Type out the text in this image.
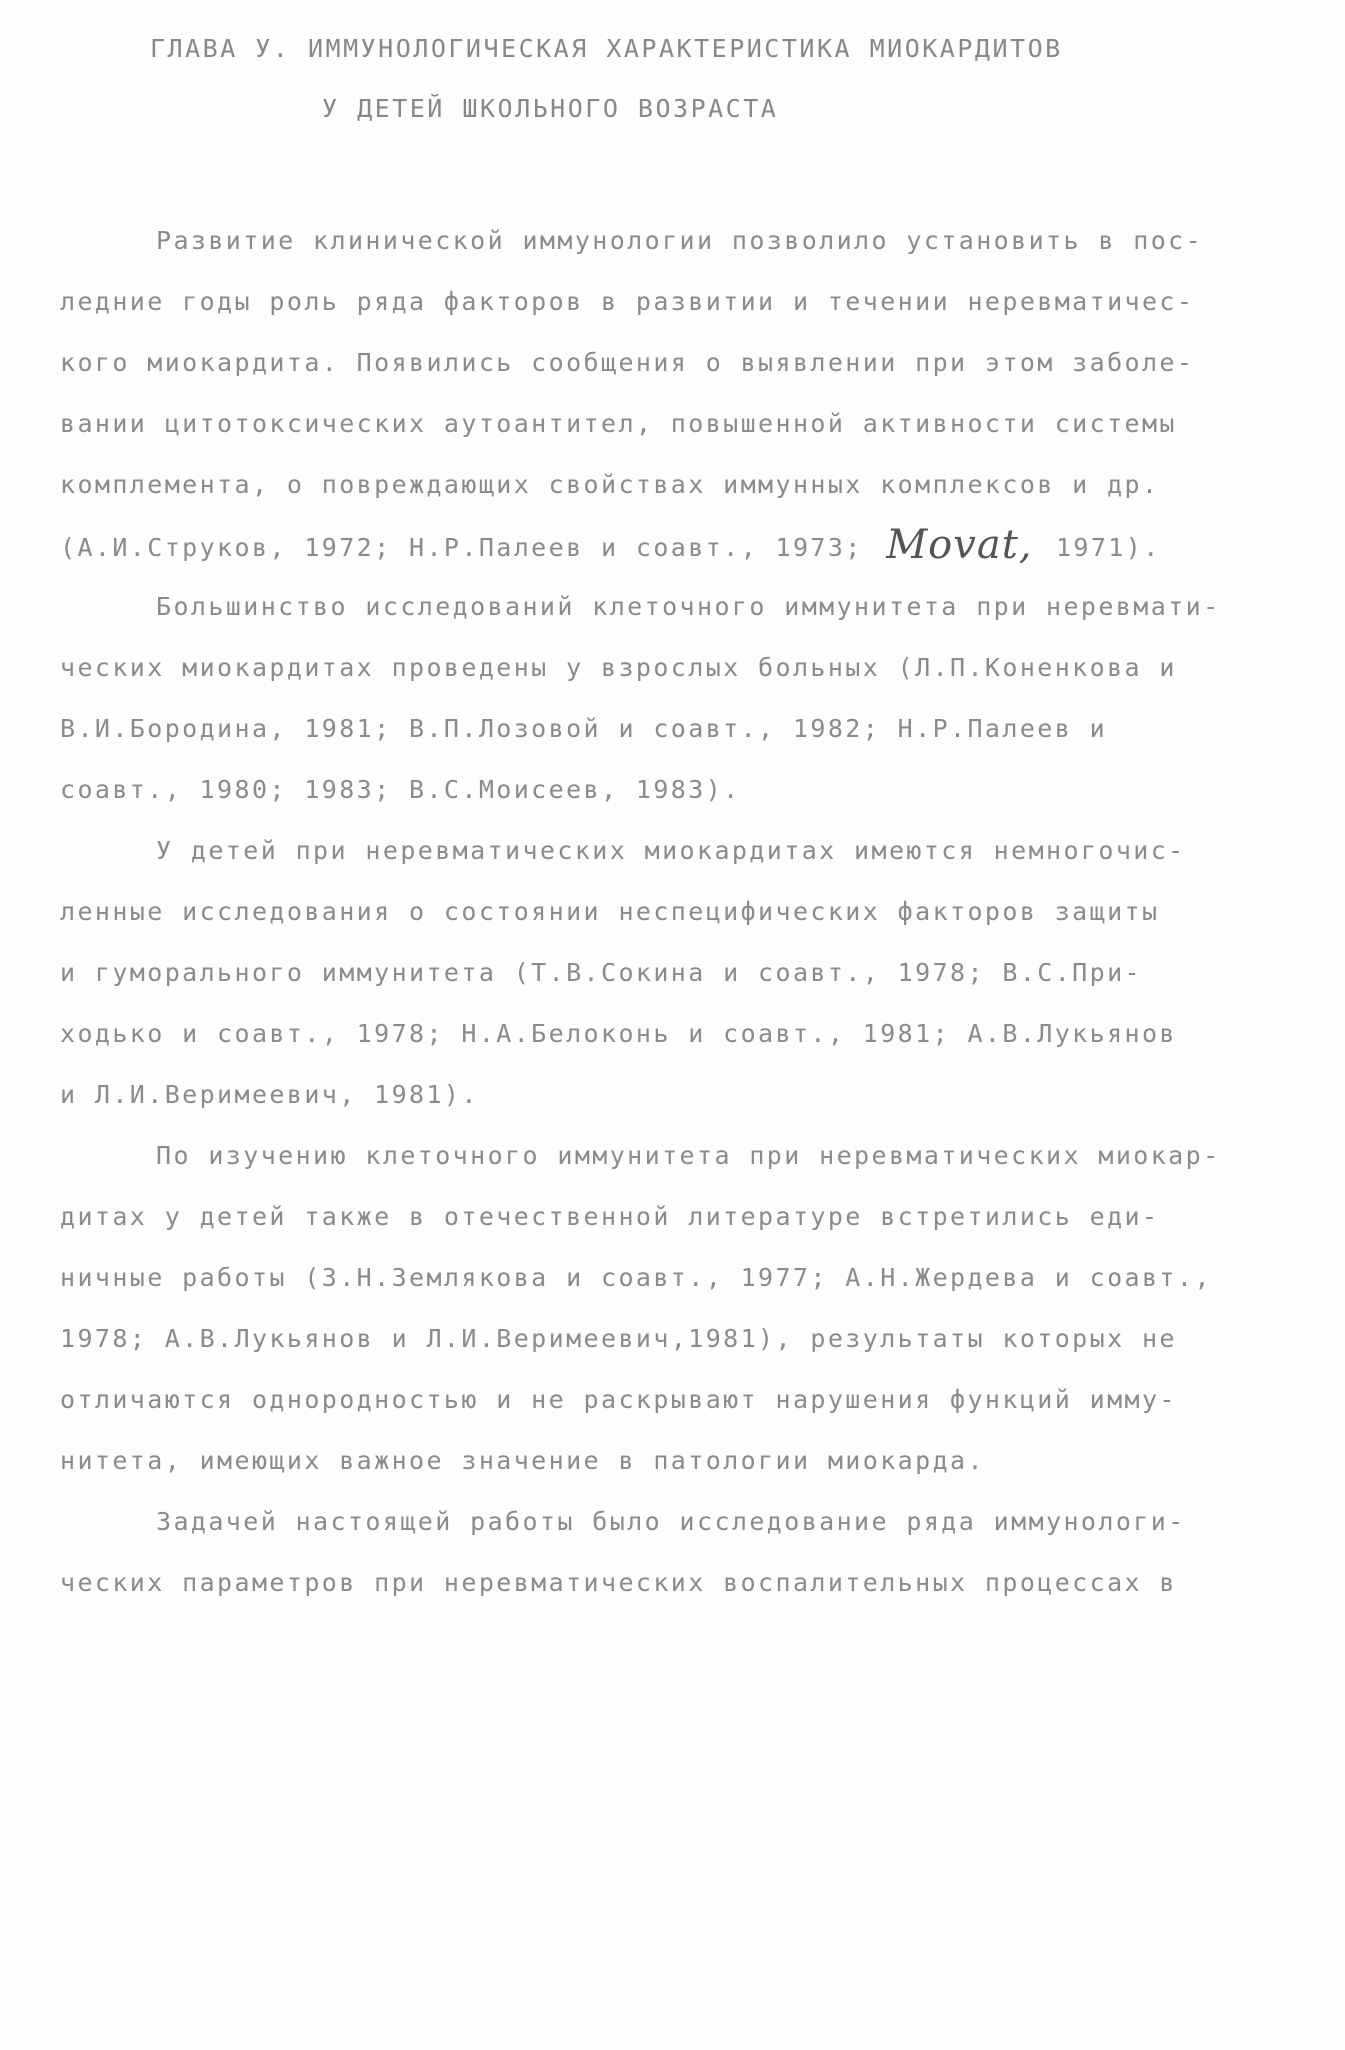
ГЛАВА У. ИММУНОЛОГИЧЕСКАЯ ХАРАКТЕРИСТИКА МИОКАРДИТОВ
У ДЕТЕЙ ШКОЛЬНОГО ВОЗРАСТА
Развитие клинической иммунологии позволило установить в пос-
ледние годы роль ряда факторов в развитии и течении неревматичес-
кого миокардита. Появились сообщения о выявлении при этом заболе-
вании цитотоксических аутоантител, повышенной активности системы
комплемента, о повреждающих свойствах иммунных комплексов и др.
(А.И.Струков, 1972; Н.Р.Палеев и соавт., 1973; Movat, 1971).
Большинство исследований клеточного иммунитета при неревмати-
ческих миокардитах проведены у взрослых больных (Л.П.Коненкова и
В.И.Бородина, 1981; В.П.Лозовой и соавт., 1982; Н.Р.Палеев и
соавт., 1980; 1983; В.С.Моисеев, 1983).
У детей при неревматических миокардитах имеются немногочис-
ленные исследования о состоянии неспецифических факторов защиты
и гуморального иммунитета (Т.В.Сокина и соавт., 1978; В.С.При-
ходько и соавт., 1978; Н.А.Белоконь и соавт., 1981; А.В.Лукьянов
и Л.И.Веримеевич, 1981).
По изучению клеточного иммунитета при неревматических миокар-
дитах у детей также в отечественной литературе встретились еди-
ничные работы (З.Н.Землякова и соавт., 1977; А.Н.Жердева и соавт.,
1978; А.В.Лукьянов и Л.И.Веримеевич,1981), результаты которых не
отличаются однородностью и не раскрывают нарушения функций имму-
нитета, имеющих важное значение в патологии миокарда.
Задачей настоящей работы было исследование ряда иммунологи-
ческих параметров при неревматических воспалительных процессах в
